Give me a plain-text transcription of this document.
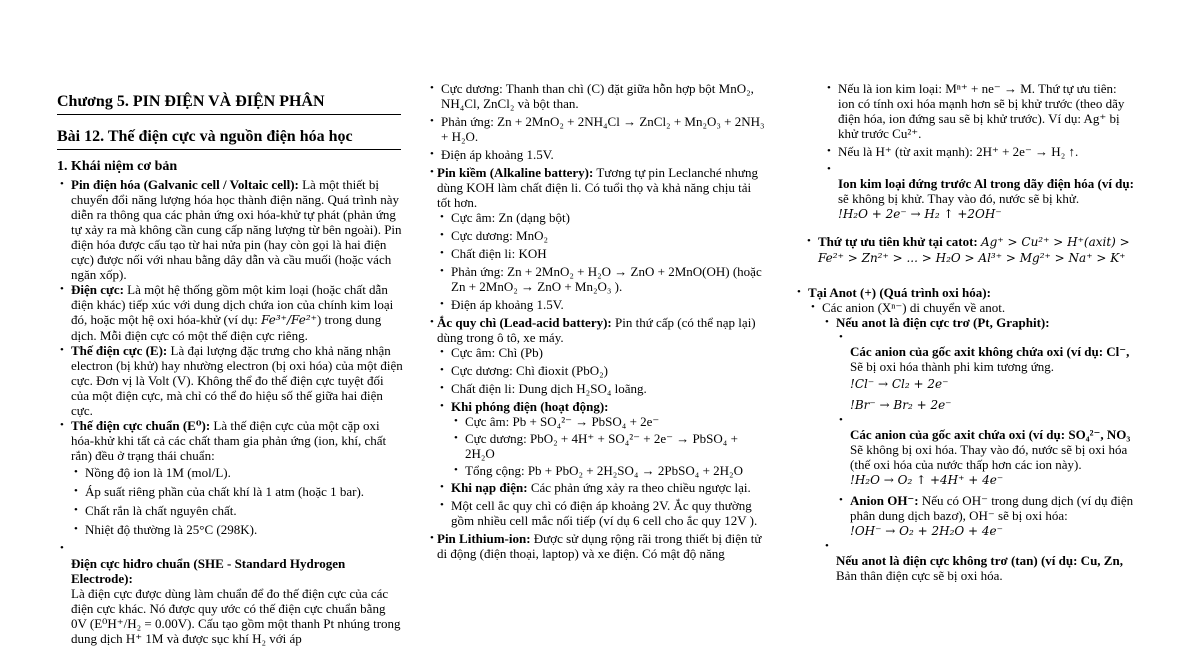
Chương 5. PIN ĐIỆN VÀ ĐIỆN PHÂN
Bài 12. Thế điện cực và nguồn điện hóa học
1. Khái niệm cơ bản
• Pin điện hóa (Galvanic cell / Voltaic cell): Là một thiết bị chuyển đổi năng lượng hóa học thành điện năng. Quá trình này diễn ra thông qua các phản ứng oxi hóa-khử tự phát (phản ứng tự xảy ra mà không cần cung cấp năng lượng từ bên ngoài). Pin điện hóa được cấu tạo từ hai nửa pin (hay còn gọi là hai điện cực) được nối với nhau bằng dây dẫn và cầu muối (hoặc vách ngăn xốp).
• Điện cực: Là một hệ thống gồm một kim loại (hoặc chất dẫn điện khác) tiếp xúc với dung dịch chứa ion của chính kim loại đó, hoặc một hệ oxi hóa-khử (ví dụ: Fe³⁺/Fe²⁺) trong dung dịch. Mỗi điện cực có một thế điện cực riêng.
• Thế điện cực (E): Là đại lượng đặc trưng cho khả năng nhận electron (bị khử) hay nhường electron (bị oxi hóa) của một điện cực. Đơn vị là Volt (V). Không thể đo thế điện cực tuyệt đối của một điện cực, mà chỉ có thể đo hiệu số thế giữa hai điện cực.
• Thế điện cực chuẩn (E⁰): Là thế điện cực của một cặp oxi hóa-khử khi tất cả các chất tham gia phản ứng (ion, khí, chất rắn) đều ở trạng thái chuẩn:
• Nồng độ ion là 1M (mol/L).
• Áp suất riêng phần của chất khí là 1 atm (hoặc 1 bar).
• Chất rắn là chất nguyên chất.
• Nhiệt độ thường là 25°C (298K).
• Điện cực hiđro chuẩn (SHE - Standard Hydrogen Electrode):
Là điện cực được dùng làm chuẩn để đo thế điện cực của các điện cực khác. Nó được quy ước có thế điện cực chuẩn bằng 0V (E⁰H⁺/H₂ = 0.00V). Cấu tạo gồm một thanh Pt nhúng trong dung dịch H⁺ 1M và được sục khí H₂ với áp
• Cực dương: Thanh than chì (C) đặt giữa hỗn hợp bột MnO₂, NH₄Cl, ZnCl₂ và bột than.
• Phản ứng: Zn + 2MnO₂ + 2NH₄Cl → ZnCl₂ + Mn₂O₃ + 2NH₃ + H₂O.
• Điện áp khoảng 1.5V.
• Pin kiềm (Alkaline battery): Tương tự pin Leclanché nhưng dùng KOH làm chất điện li. Có tuổi thọ và khả năng chịu tải tốt hơn.
• Cực âm: Zn (dạng bột)
• Cực dương: MnO₂
• Chất điện li: KOH
• Phản ứng: Zn + 2MnO₂ + H₂O → ZnO + 2MnO(OH) (hoặc Zn + 2MnO₂ → ZnO + Mn₂O₃ ).
• Điện áp khoảng 1.5V.
• Ắc quy chì (Lead-acid battery): Pin thứ cấp (có thể nạp lại) dùng trong ô tô, xe máy.
• Cực âm: Chì (Pb)
• Cực dương: Chì đioxit (PbO₂)
• Chất điện li: Dung dịch H₂SO₄ loãng.
• Khi phóng điện (hoạt động):
• Cực âm: Pb + SO₄²⁻ → PbSO₄ + 2e⁻
• Cực dương: PbO₂ + 4H⁺ + SO₄²⁻ + 2e⁻ → PbSO₄ + 2H₂O
• Tổng cộng: Pb + PbO₂ + 2H₂SO₄ → 2PbSO₄ + 2H₂O
• Khi nạp điện: Các phản ứng xảy ra theo chiều ngược lại.
• Một cell ắc quy chì có điện áp khoảng 2V. Ắc quy thường gồm nhiều cell mắc nối tiếp (ví dụ 6 cell cho ắc quy 12V ).
• Pin Lithium-ion: Được sử dụng rộng rãi trong thiết bị điện tử di động (điện thoại, laptop) và xe điện. Có mật độ năng
• Nếu là ion kim loại: Mⁿ⁺ + ne⁻ → M. Thứ tự ưu tiên: ion có tính oxi hóa mạnh hơn sẽ bị khử trước (theo dãy điện hóa, ion đứng sau sẽ bị khử trước). Ví dụ: Ag⁺ bị khử trước Cu²⁺.
• Nếu là H⁺ (từ axit mạnh): 2H⁺ + 2e⁻ → H₂ ↑.
• Ion kim loại đứng trước Al trong dãy điện hóa (ví dụ:
sẽ không bị khử. Thay vào đó, nước sẽ bị khử.
!H₂O + 2e⁻ → H₂ ↑ +2OH⁻
• Thứ tự ưu tiên khử tại catot: Ag⁺ > Cu²⁺ > H⁺(axit) > Fe²⁺ > Zn²⁺ > ... > H₂O > Al³⁺ > Mg²⁺ > Na⁺ > K⁺
• Tại Anot (+) (Quá trình oxi hóa):
• Các anion (Xⁿ⁻) di chuyển về anot.
• Nếu anot là điện cực trơ (Pt, Graphit):
• Các anion của gốc axit không chứa oxi (ví dụ: Cl⁻,
Sẽ bị oxi hóa thành phi kim tương ứng.

!Cl⁻ → Cl₂ + 2e⁻
!Br⁻ → Br₂ + 2e⁻
• Các anion của gốc axit chứa oxi (ví dụ: SO₄²⁻, NO₃
Sẽ không bị oxi hóa. Thay vào đó, nước sẽ bị oxi hóa (thế oxi hóa của nước thấp hơn các ion này).
!H₂O → O₂ ↑ +4H⁺ + 4e⁻
• Anion OH⁻: Nếu có OH⁻ trong dung dịch (ví dụ điện phân dung dịch bazơ), OH⁻ sẽ bị oxi hóa:
!OH⁻ → O₂ + 2H₂O + 4e⁻
• Nếu anot là điện cực không trơ (tan) (ví dụ: Cu, Zn,
Bản thân điện cực sẽ bị oxi hóa.
